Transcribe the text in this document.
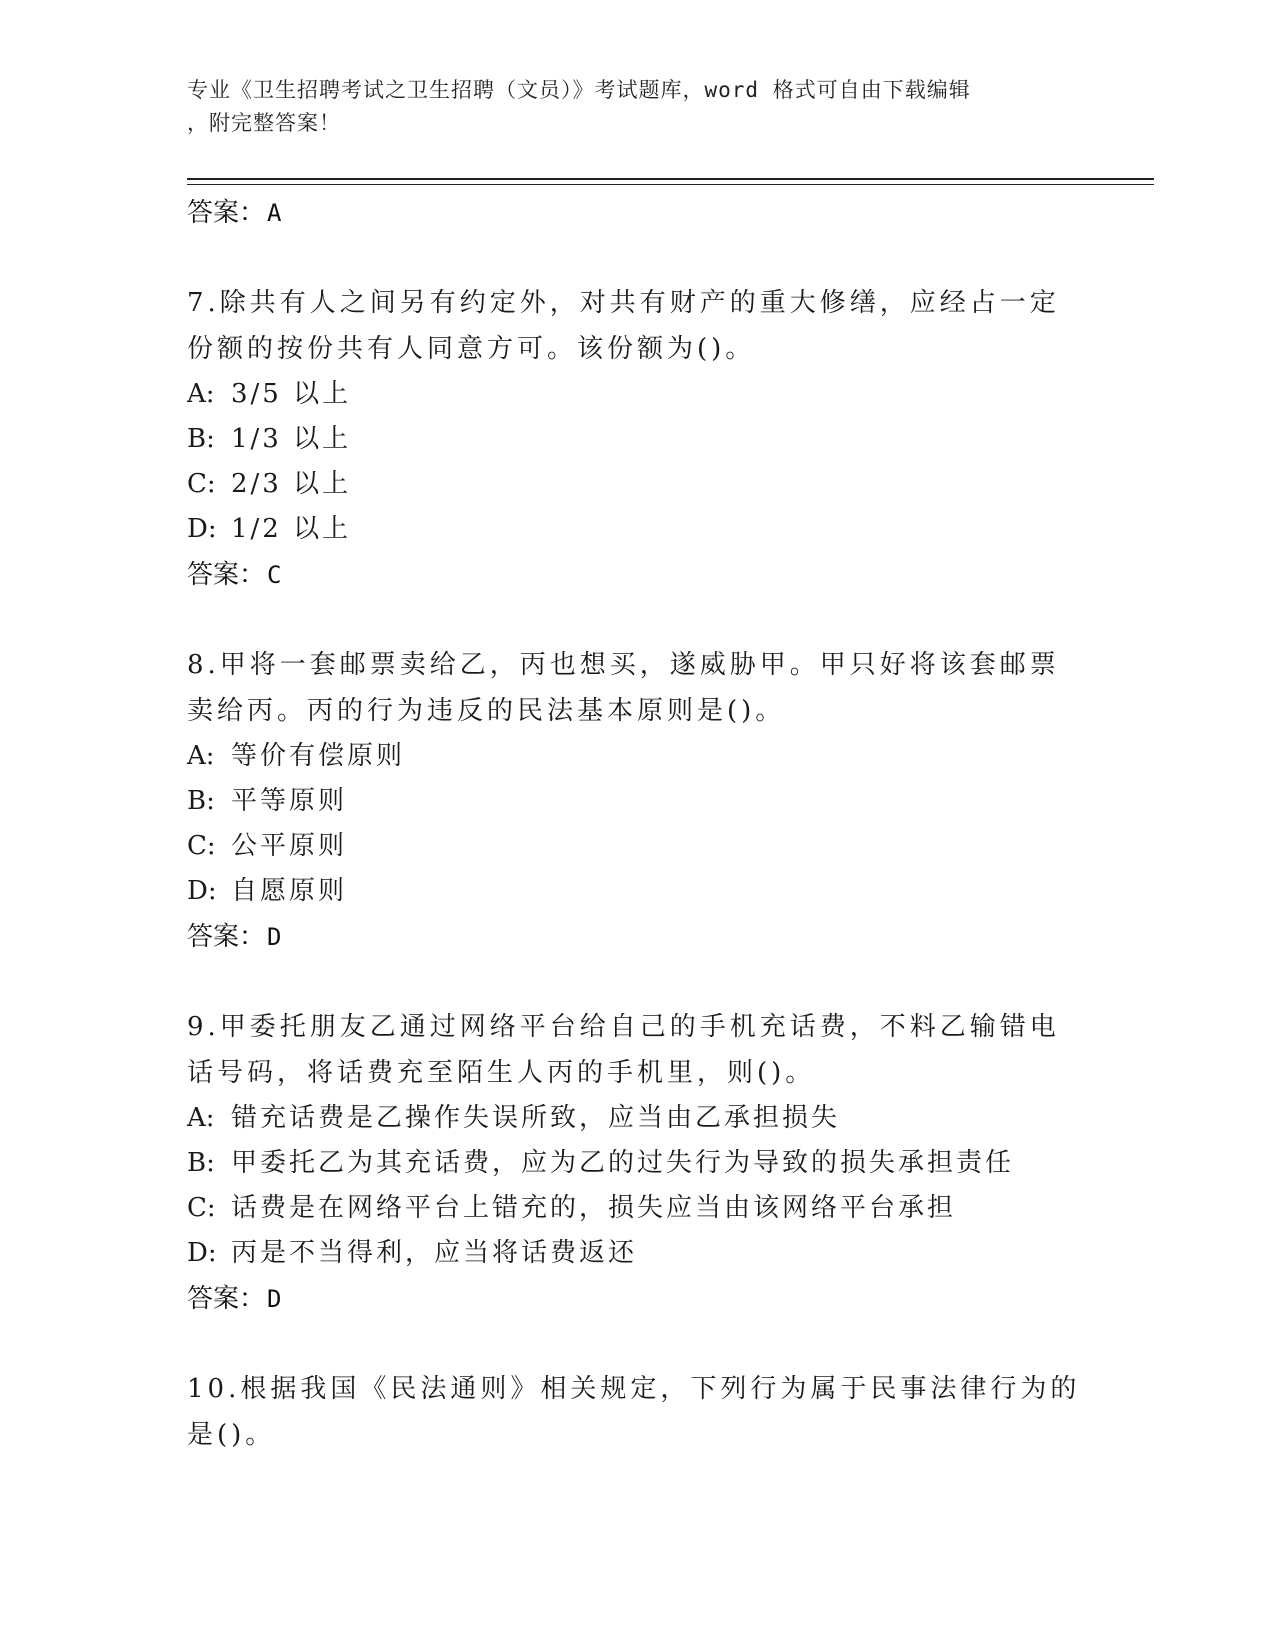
专业《卫生招聘考试之卫生招聘（文员）》考试题库，word 格式可自由下载编辑
，附完整答案！
答案：A
7.除共有人之间另有约定外，对共有财产的重大修缮，应经占一定份额的按份共有人同意方可。该份额为()。
A: 3/5 以上
B: 1/3 以上
C: 2/3 以上
D: 1/2 以上
答案：C
8.甲将一套邮票卖给乙，丙也想买，遂威胁甲。甲只好将该套邮票卖给丙。丙的行为违反的民法基本原则是()。
A: 等价有偿原则
B: 平等原则
C: 公平原则
D: 自愿原则
答案：D
9.甲委托朋友乙通过网络平台给自己的手机充话费，不料乙输错电话号码，将话费充至陌生人丙的手机里，则()。
A: 错充话费是乙操作失误所致，应当由乙承担损失
B: 甲委托乙为其充话费，应为乙的过失行为导致的损失承担责任
C: 话费是在网络平台上错充的，损失应当由该网络平台承担
D: 丙是不当得利，应当将话费返还
答案：D
10.根据我国《民法通则》相关规定，下列行为属于民事法律行为的是()。
